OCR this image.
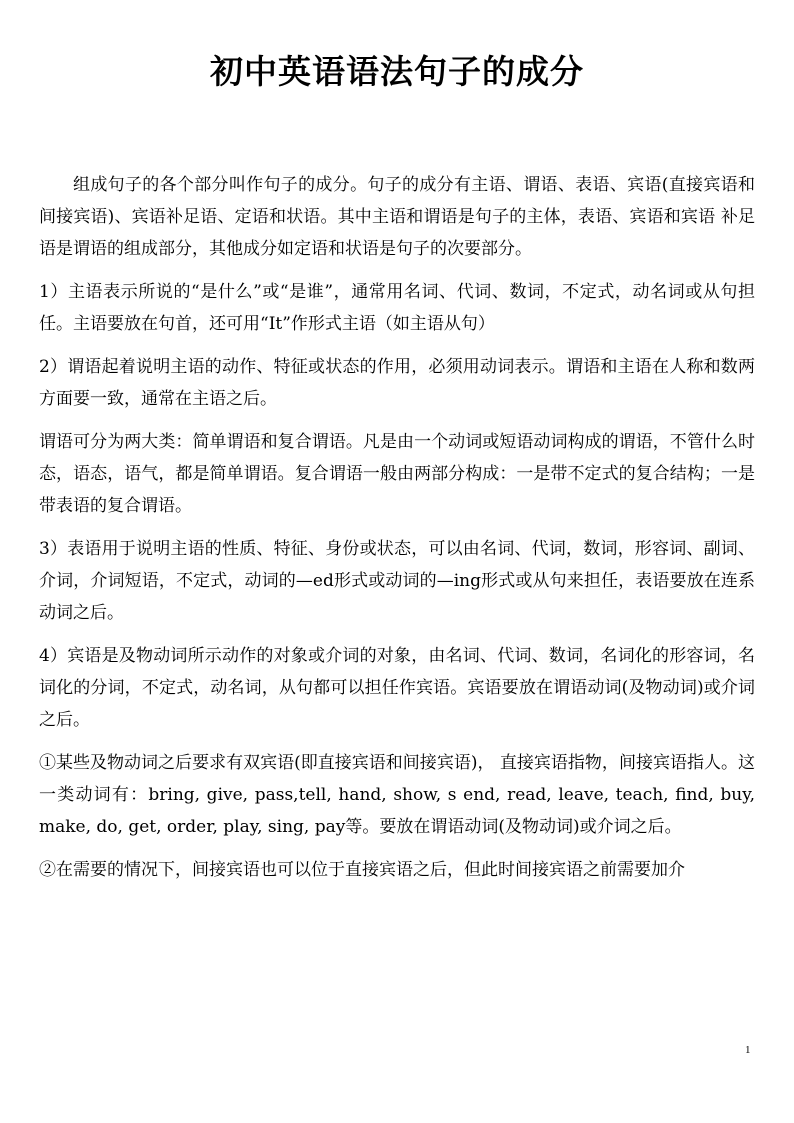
初中英语语法句子的成分

组成句子的各个部分叫作句子的成分。句子的成分有主语、谓语、表语、宾语(直接宾语和间接宾语)、宾语补足语、定语和状语。其中主语和谓语是句子的主体，表语、宾语和宾语 补足语是谓语的组成部分，其他成分如定语和状语是句子的次要部分。

1）主语表示所说的“是什么”或“是谁”，通常用名词、代词、数词，不定式，动名词或从句担任。主语要放在句首，还可用“It”作形式主语（如主语从句）

2）谓语起着说明主语的动作、特征或状态的作用，必须用动词表示。谓语和主语在人称和数两 方面要一致，通常在主语之后。

谓语可分为两大类：简单谓语和复合谓语。凡是由一个动词或短语动词构成的谓语，不管什么时态，语态，语气，都是简单谓语。复合谓语一般由两部分构成：一是带不定式的复合结构；一是带表语的复合谓语。

3）表语用于说明主语的性质、特征、身份或状态，可以由名词、代词，数词，形容词、副词、介词，介词短语，不定式，动词的—ed形式或动词的—ing形式或从句来担任，表语要放在连系动词之后。

4）宾语是及物动词所示动作的对象或介词的对象，由名词、代词、数词，名词化的形容词，名词化的分词，不定式，动名词，从句都可以担任作宾语。宾语要放在谓语动词(及物动词)或介词之后。

①某些及物动词之后要求有双宾语(即直接宾语和间接宾语)， 直接宾语指物，间接宾语指人。这一类动词有：bring, give, pass,tell, hand, show, s end, read, leave, teach, find, buy, make, do, get, order, play, sing, pay等。要放在谓语动词(及物动词)或介词之后。

②在需要的情况下，间接宾语也可以位于直接宾语之后，但此时间接宾语之前需要加介

1
